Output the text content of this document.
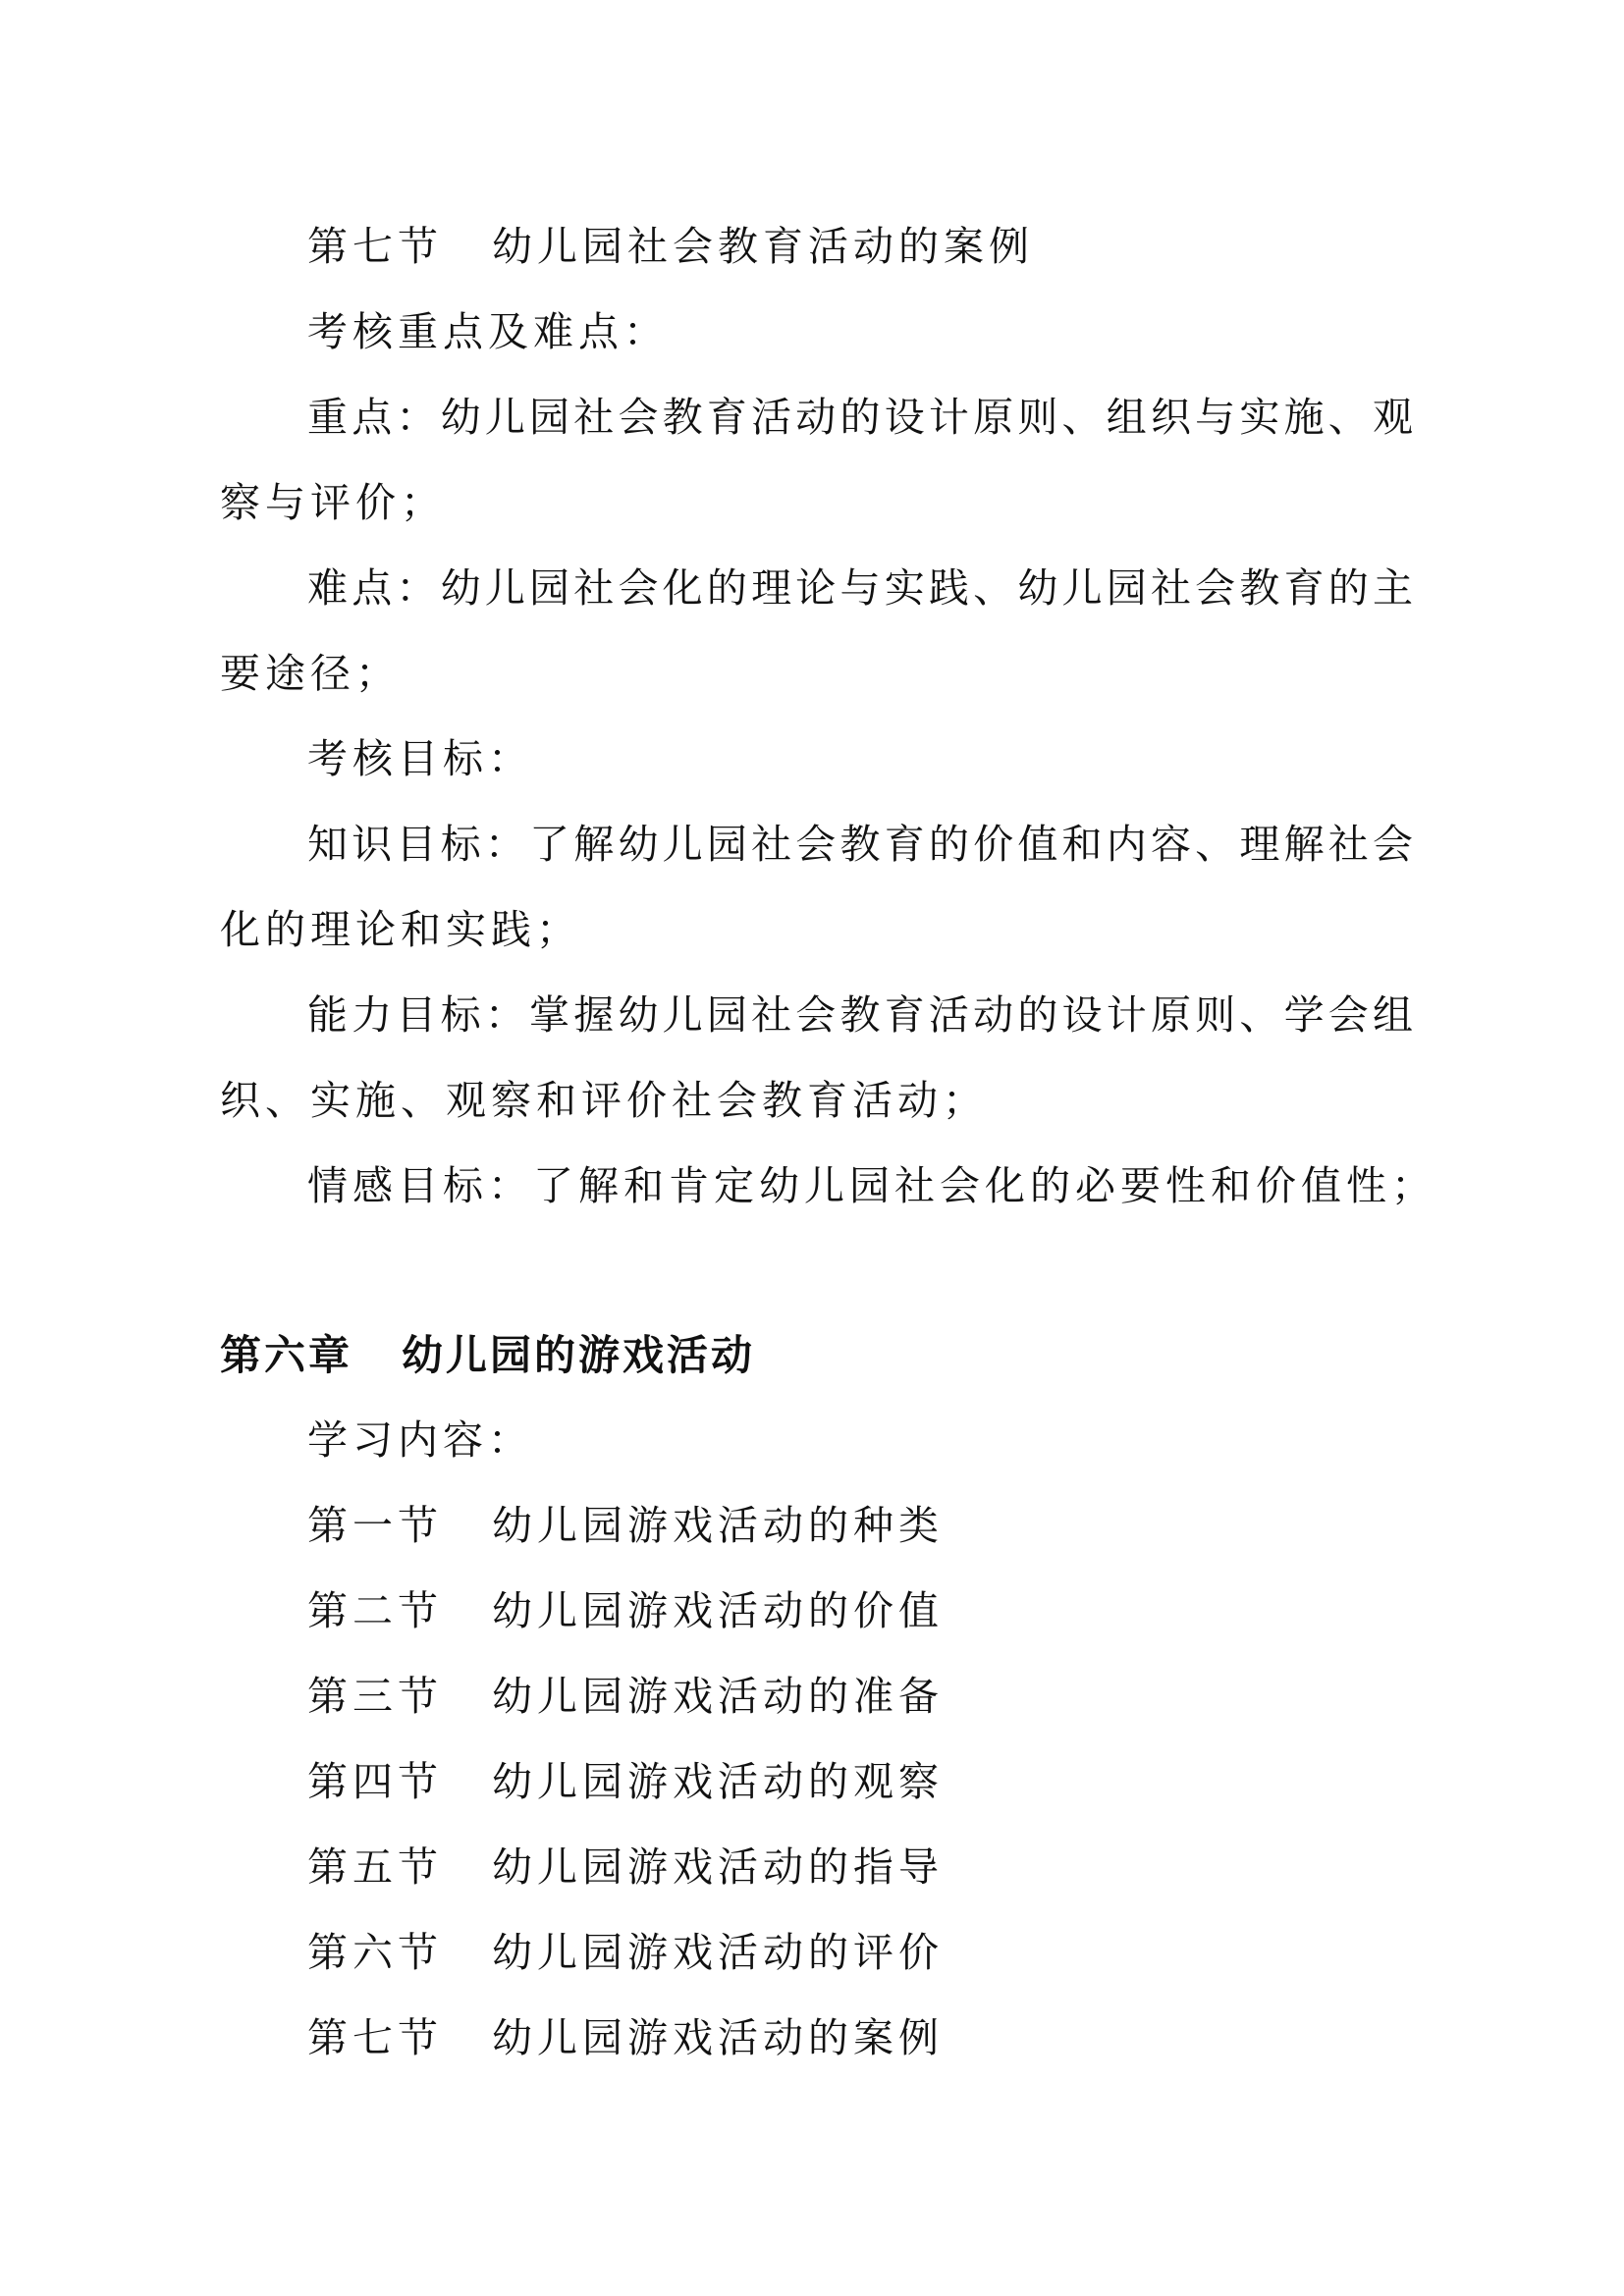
第七节 幼儿园社会教育活动的案例
考核重点及难点：
重点：幼儿园社会教育活动的设计原则、组织与实施、观
察与评价；
难点：幼儿园社会化的理论与实践、幼儿园社会教育的主
要途径；
考核目标：
知识目标：了解幼儿园社会教育的价值和内容、理解社会
化的理论和实践；
能力目标：掌握幼儿园社会教育活动的设计原则、学会组
织、实施、观察和评价社会教育活动；
情感目标：了解和肯定幼儿园社会化的必要性和价值性；
第六章 幼儿园的游戏活动
学习内容：
第一节 幼儿园游戏活动的种类
第二节 幼儿园游戏活动的价值
第三节 幼儿园游戏活动的准备
第四节 幼儿园游戏活动的观察
第五节 幼儿园游戏活动的指导
第六节 幼儿园游戏活动的评价
第七节 幼儿园游戏活动的案例
